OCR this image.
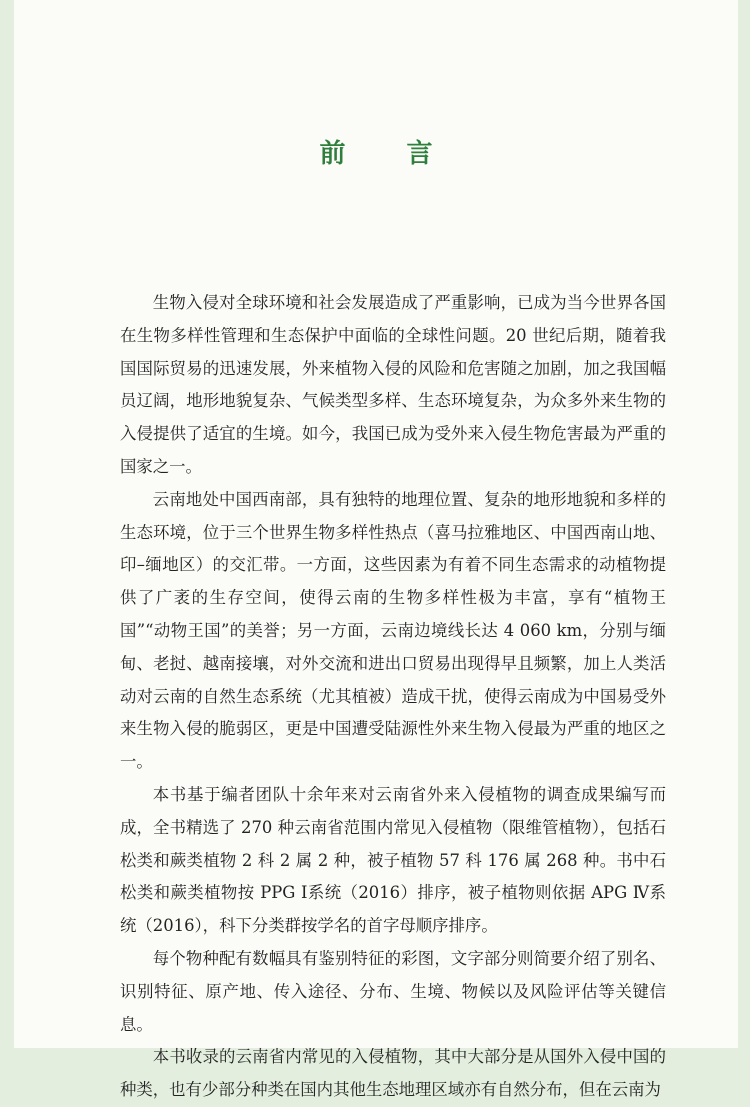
前 言

生物入侵对全球环境和社会发展造成了严重影响，已成为当今世界各国在生物多样性管理和生态保护中面临的全球性问题。20 世纪后期，随着我国国际贸易的迅速发展，外来植物入侵的风险和危害随之加剧，加之我国幅员辽阔，地形地貌复杂、气候类型多样、生态环境复杂，为众多外来生物的入侵提供了适宜的生境。如今，我国已成为受外来入侵生物危害最为严重的国家之一。

云南地处中国西南部，具有独特的地理位置、复杂的地形地貌和多样的生态环境，位于三个世界生物多样性热点（喜马拉雅地区、中国西南山地、印–缅地区）的交汇带。一方面，这些因素为有着不同生态需求的动植物提供了广袤的生存空间，使得云南的生物多样性极为丰富，享有“植物王国”“动物王国”的美誉；另一方面，云南边境线长达 4 060 km，分别与缅甸、老挝、越南接壤，对外交流和进出口贸易出现得早且频繁，加上人类活动对云南的自然生态系统（尤其植被）造成干扰，使得云南成为中国易受外来生物入侵的脆弱区，更是中国遭受陆源性外来生物入侵最为严重的地区之一。

本书基于编者团队十余年来对云南省外来入侵植物的调查成果编写而成，全书精选了 270 种云南省范围内常见入侵植物（限维管植物），包括石松类和蕨类植物 2 科 2 属 2 种，被子植物 57 科 176 属 268 种。书中石松类和蕨类植物按 PPG Ⅰ系统（2016）排序，被子植物则依据 APG Ⅳ系统（2016），科下分类群按学名的首字母顺序排序。

每个物种配有数幅具有鉴别特征的彩图，文字部分则简要介绍了别名、识别特征、原产地、传入途径、分布、生境、物候以及风险评估等关键信息。

本书收录的云南省内常见的入侵植物，其中大部分是从国外入侵中国的种类，也有少部分种类在国内其他生态地理区域亦有自然分布，但在云南为
